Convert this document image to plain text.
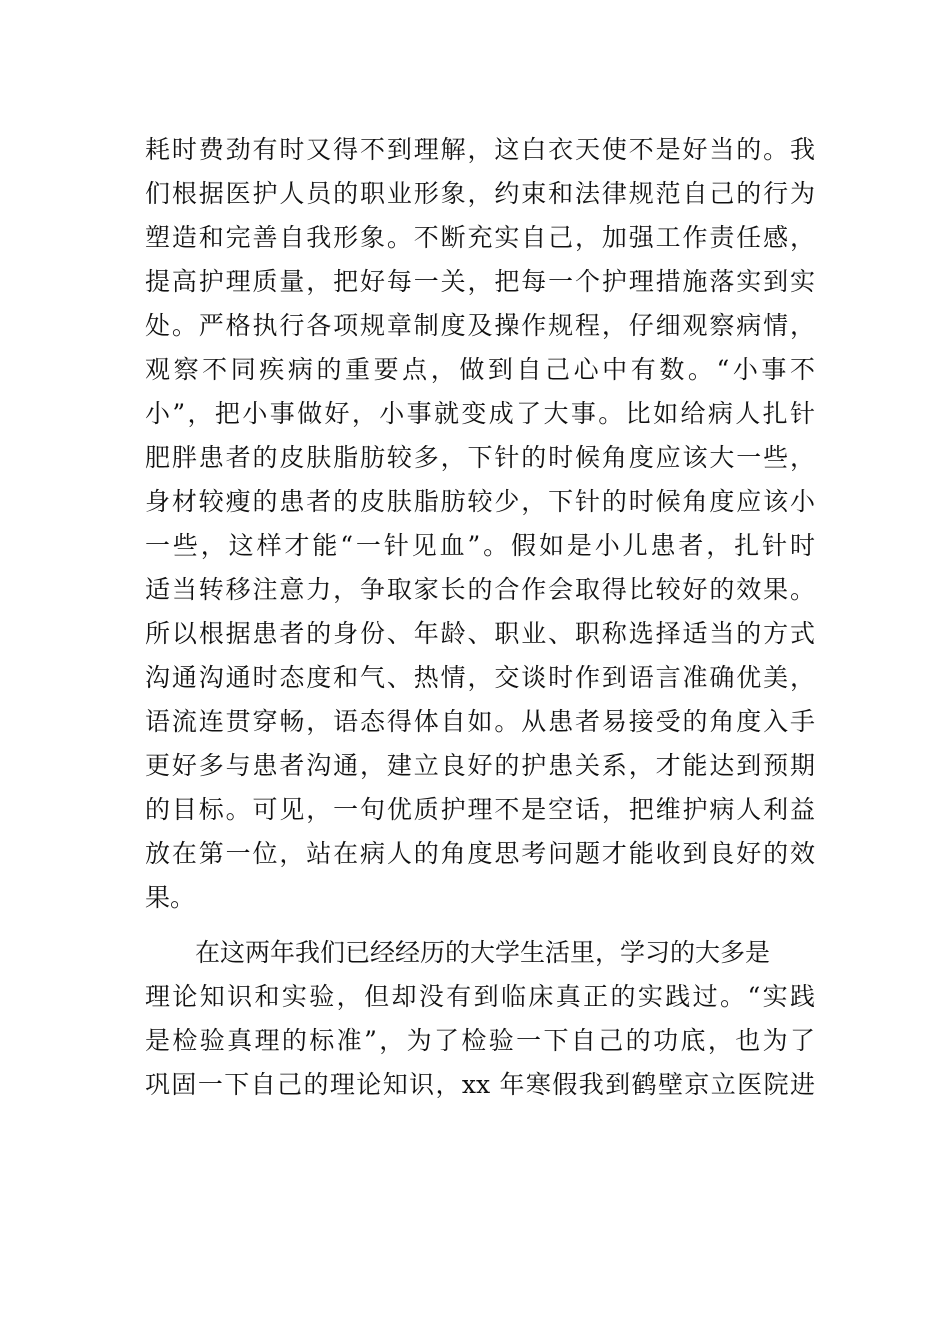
耗时费劲有时又得不到理解，这白衣天使不是好当的。我
们根据医护人员的职业形象，约束和法律规范自己的行为
塑造和完善自我形象。不断充实自己，加强工作责任感，
提高护理质量，把好每一关，把每一个护理措施落实到实
处。严格执行各项规章制度及操作规程，仔细观察病情，
观察不同疾病的重要点，做到自己心中有数。“小事不
小”，把小事做好，小事就变成了大事。比如给病人扎针
肥胖患者的皮肤脂肪较多，下针的时候角度应该大一些，
身材较瘦的患者的皮肤脂肪较少，下针的时候角度应该小
一些，这样才能“一针见血”。假如是小儿患者，扎针时
适当转移注意力，争取家长的合作会取得比较好的效果。
所以根据患者的身份、年龄、职业、职称选择适当的方式
沟通沟通时态度和气、热情，交谈时作到语言准确优美，
语流连贯穿畅，语态得体自如。从患者易接受的角度入手
更好多与患者沟通，建立良好的护患关系，才能达到预期
的目标。可见，一句优质护理不是空话，把维护病人利益
放在第一位，站在病人的角度思考问题才能收到良好的效
果。
　　在这两年我们已经经历的大学生活里，学习的大多是
理论知识和实验，但却没有到临床真正的实践过。“实践
是检验真理的标准”，为了检验一下自己的功底，也为了
巩固一下自己的理论知识，xx 年寒假我到鹤壁京立医院进
